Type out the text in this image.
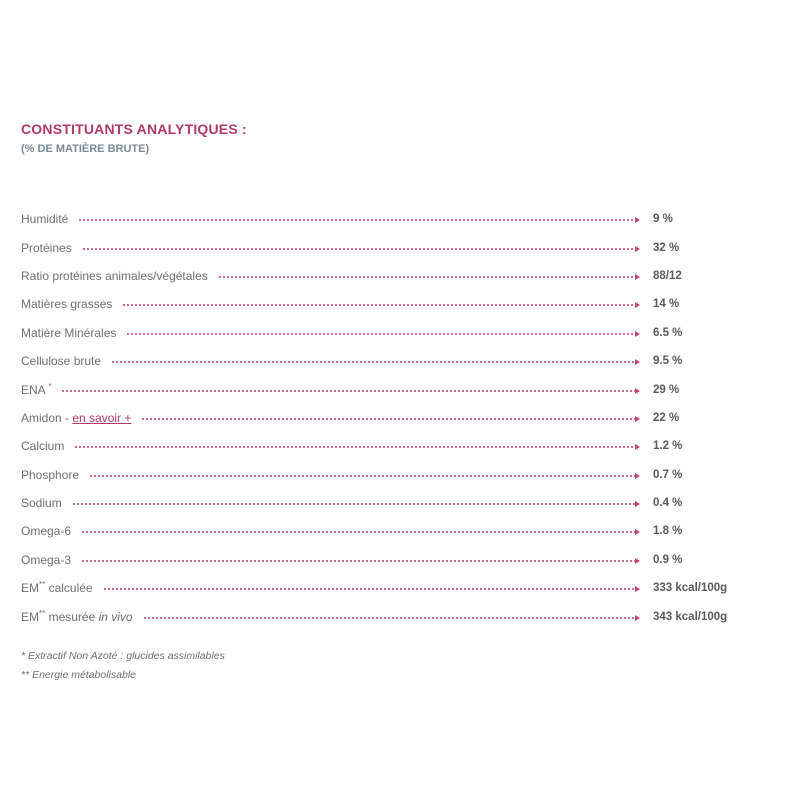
CONSTITUANTS ANALYTIQUES :
(% DE MATIÈRE BRUTE)
Humidité	9 %
Protéines	32 %
Ratio protéines animales/végétales	88/12
Matières grasses	14 %
Matière Minérales	6.5 %
Cellulose brute	9.5 %
ENA *	29 %
Amidon - en savoir +	22 %
Calcium	1.2 %
Phosphore	0.7 %
Sodium	0.4 %
Omega-6	1.8 %
Omega-3	0.9 %
EM** calculée	333 kcal/100g
EM** mesurée in vivo	343 kcal/100g
* Extractif Non Azoté : glucides assimilables
** Energie métabolisable
